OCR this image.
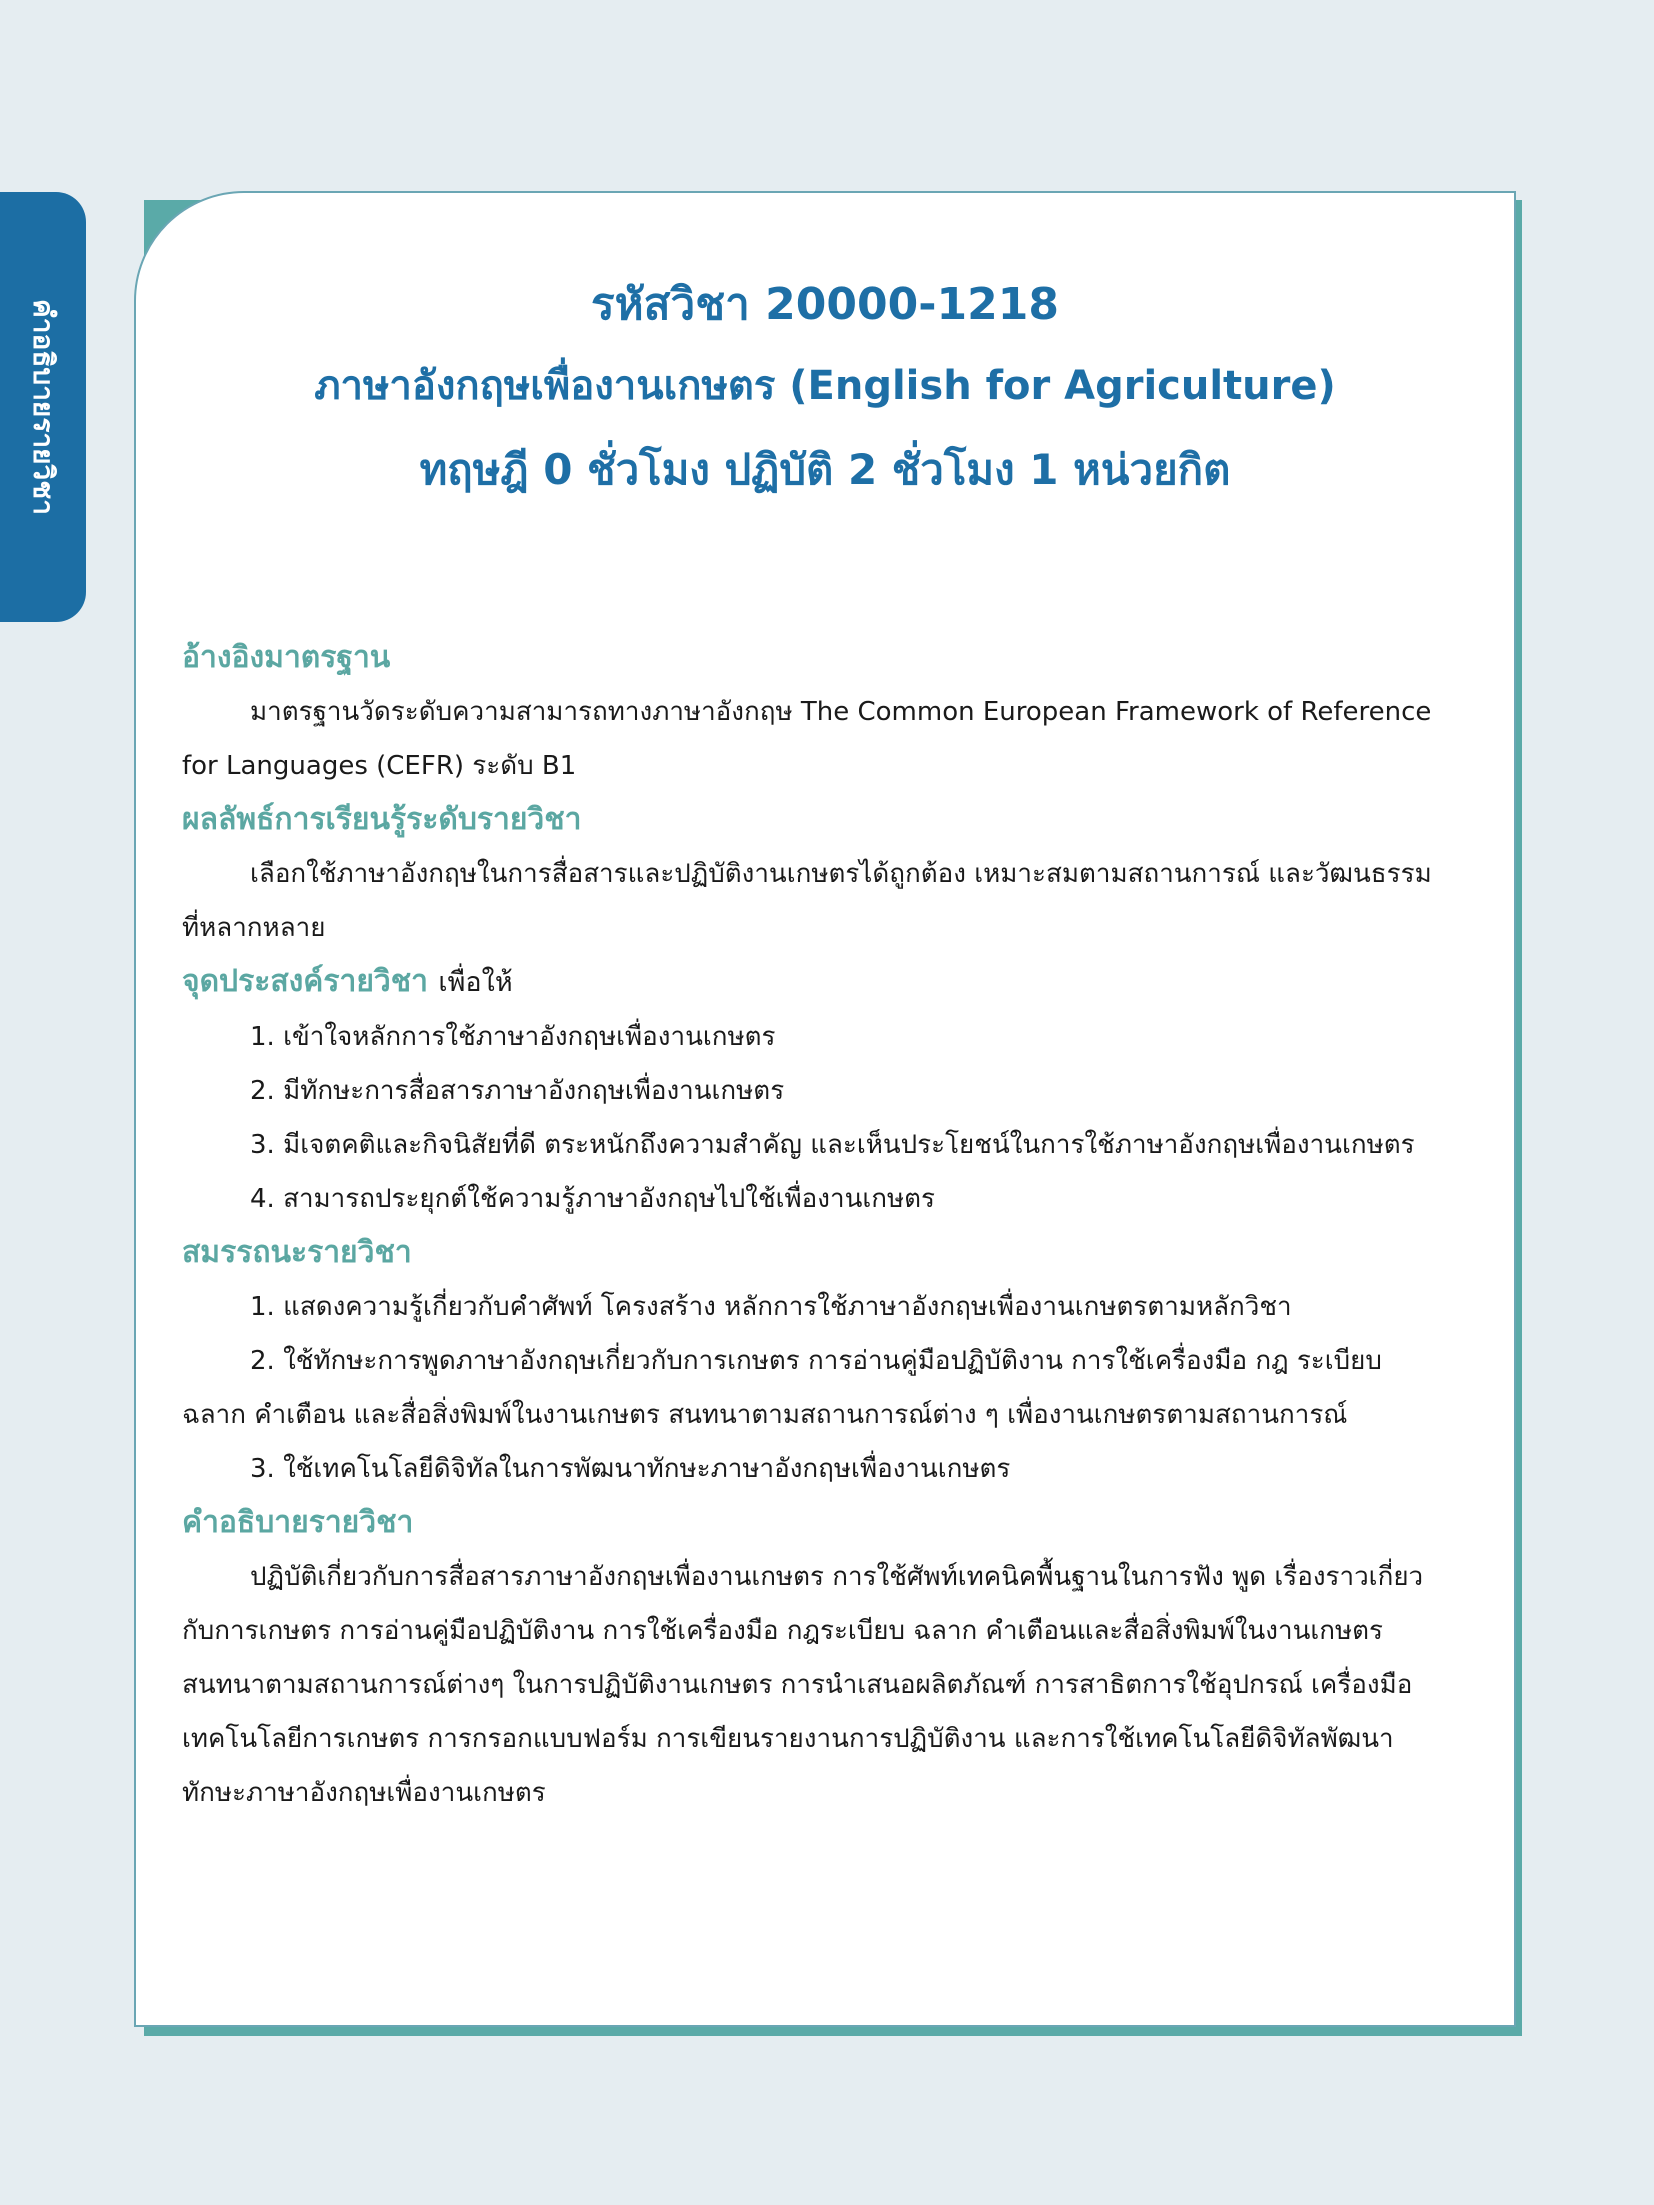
คำอธิบายรายวิชา	รหัสวิชา 20000-1218
ภาษาอังกฤษเพื่องานเกษตร (English for Agriculture)
ทฤษฎี 0 ชั่วโมง ปฏิบัติ 2 ชั่วโมง 1 หน่วยกิต
อ้างอิงมาตรฐาน

มาตรฐานวัดระดับความสามารถทางภาษาอังกฤษ The Common European Framework of Reference for Languages (CEFR) ระดับ B1

ผลลัพธ์การเรียนรู้ระดับรายวิชา

เลือกใช้ภาษาอังกฤษในการสื่อสารและปฏิบัติงานเกษตรได้ถูกต้อง เหมาะสมตามสถานการณ์ และวัฒนธรรมที่หลากหลาย

จุดประสงค์รายวิชา เพื่อให้
1. เข้าใจหลักการใช้ภาษาอังกฤษเพื่องานเกษตร
2. มีทักษะการสื่อสารภาษาอังกฤษเพื่องานเกษตร
3. มีเจตคติและกิจนิสัยที่ดี ตระหนักถึงความสำคัญ และเห็นประโยชน์ในการใช้ภาษาอังกฤษเพื่องานเกษตร
4. สามารถประยุกต์ใช้ความรู้ภาษาอังกฤษไปใช้เพื่องานเกษตร
สมรรถนะรายวิชา
1. แสดงความรู้เกี่ยวกับคำศัพท์ โครงสร้าง หลักการใช้ภาษาอังกฤษเพื่องานเกษตรตามหลักวิชา
2. ใช้ทักษะการพูดภาษาอังกฤษเกี่ยวกับการเกษตร การอ่านคู่มือปฏิบัติงาน การใช้เครื่องมือ กฎ ระเบียบ ฉลาก คำเตือน และสื่อสิ่งพิมพ์ในงานเกษตร สนทนาตามสถานการณ์ต่าง ๆ เพื่องานเกษตรตามสถานการณ์
3. ใช้เทคโนโลยีดิจิทัลในการพัฒนาทักษะภาษาอังกฤษเพื่องานเกษตร
คำอธิบายรายวิชา

ปฏิบัติเกี่ยวกับการสื่อสารภาษาอังกฤษเพื่องานเกษตร การใช้ศัพท์เทคนิคพื้นฐานในการฟัง พูด เรื่องราวเกี่ยวกับการเกษตร การอ่านคู่มือปฏิบัติงาน การใช้เครื่องมือ กฎระเบียบ ฉลาก คำเตือนและสื่อสิ่งพิมพ์ในงานเกษตร สนทนาตามสถานการณ์ต่างๆ ในการปฏิบัติงานเกษตร การนำเสนอผลิตภัณฑ์ การสาธิตการใช้อุปกรณ์ เครื่องมือเทคโนโลยีการเกษตร การกรอกแบบฟอร์ม การเขียนรายงานการปฏิบัติงาน และการใช้เทคโนโลยีดิจิทัลพัฒนาทักษะภาษาอังกฤษเพื่องานเกษตร
